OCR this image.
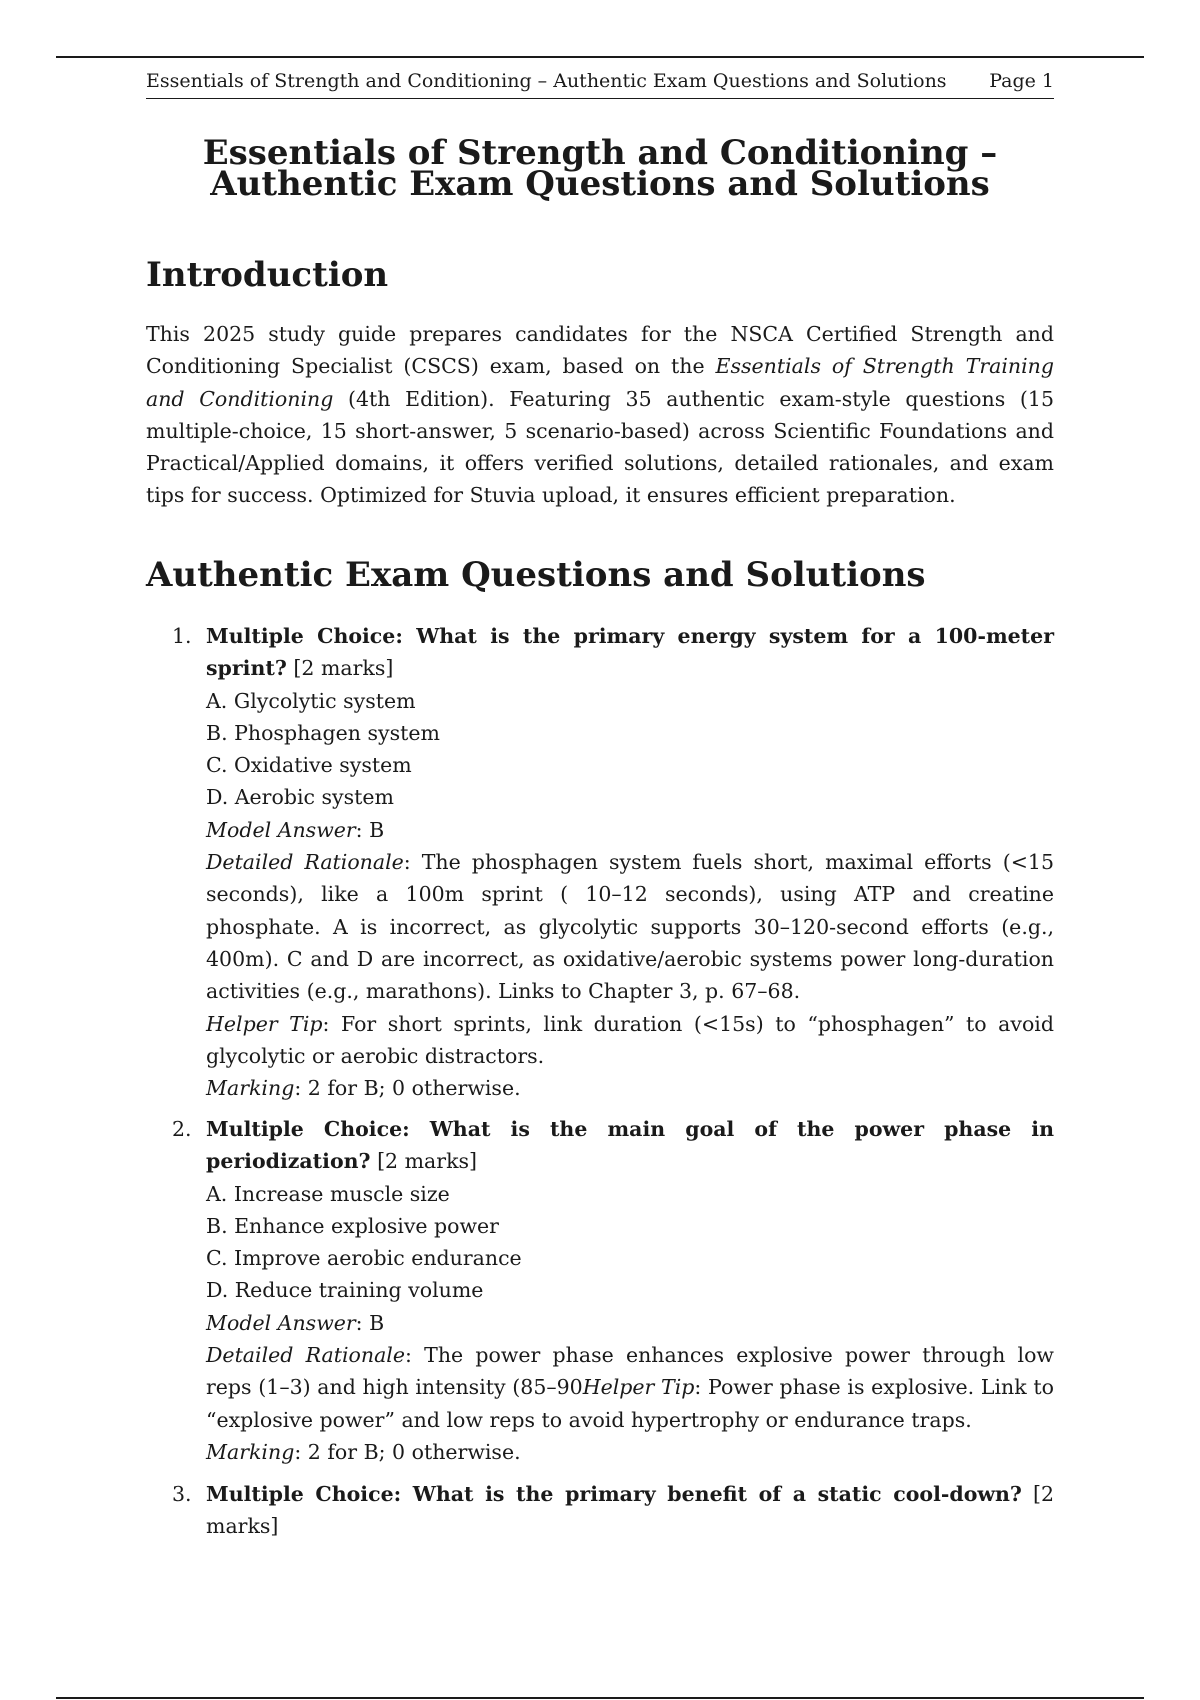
Essentials of Strength and Conditioning – Authentic Exam Questions and Solutions Page 1
Essentials of Strength and Conditioning – Authentic Exam Questions and Solutions
Introduction

This 2025 study guide prepares candidates for the NSCA Certified Strength and Conditioning Specialist (CSCS) exam, based on the Essentials of Strength Training and Conditioning (4th Edition). Featuring 35 authentic exam-style questions (15 multiple-choice, 15 short-answer, 5 scenario-based) across Scientific Foundations and Practical/Applied domains, it offers verified solutions, detailed rationales, and exam tips for success. Optimized for Stuvia upload, it ensures efficient preparation.

Authentic Exam Questions and Solutions
1. Multiple Choice: What is the primary energy system for a 100-meter sprint? [2 marks]

A. Glycolytic system

B. Phosphagen system

C. Oxidative system

D. Aerobic system

Model Answer: B

Detailed Rationale: The phosphagen system fuels short, maximal efforts (<15 seconds), like a 100m sprint ( 10–12 seconds), using ATP and creatine phosphate. A is incorrect, as glycolytic supports 30–120-second efforts (e.g., 400m). C and D are incorrect, as oxidative/aerobic systems power long-duration activities (e.g., marathons). Links to Chapter 3, p. 67–68.

Helper Tip: For short sprints, link duration (<15s) to “phosphagen” to avoid glycolytic or aerobic distractors.

Marking: 2 for B; 0 otherwise.

2. Multiple Choice: What is the main goal of the power phase in periodization? [2 marks]

A. Increase muscle size

B. Enhance explosive power

C. Improve aerobic endurance

D. Reduce training volume

Model Answer: B

Detailed Rationale: The power phase enhances explosive power through low reps (1–3) and high intensity (85–90Helper Tip: Power phase is explosive. Link to “explosive power” and low reps to avoid hypertrophy or endurance traps.

Marking: 2 for B; 0 otherwise.

3. Multiple Choice: What is the primary benefit of a static cool-down? [2 marks]
